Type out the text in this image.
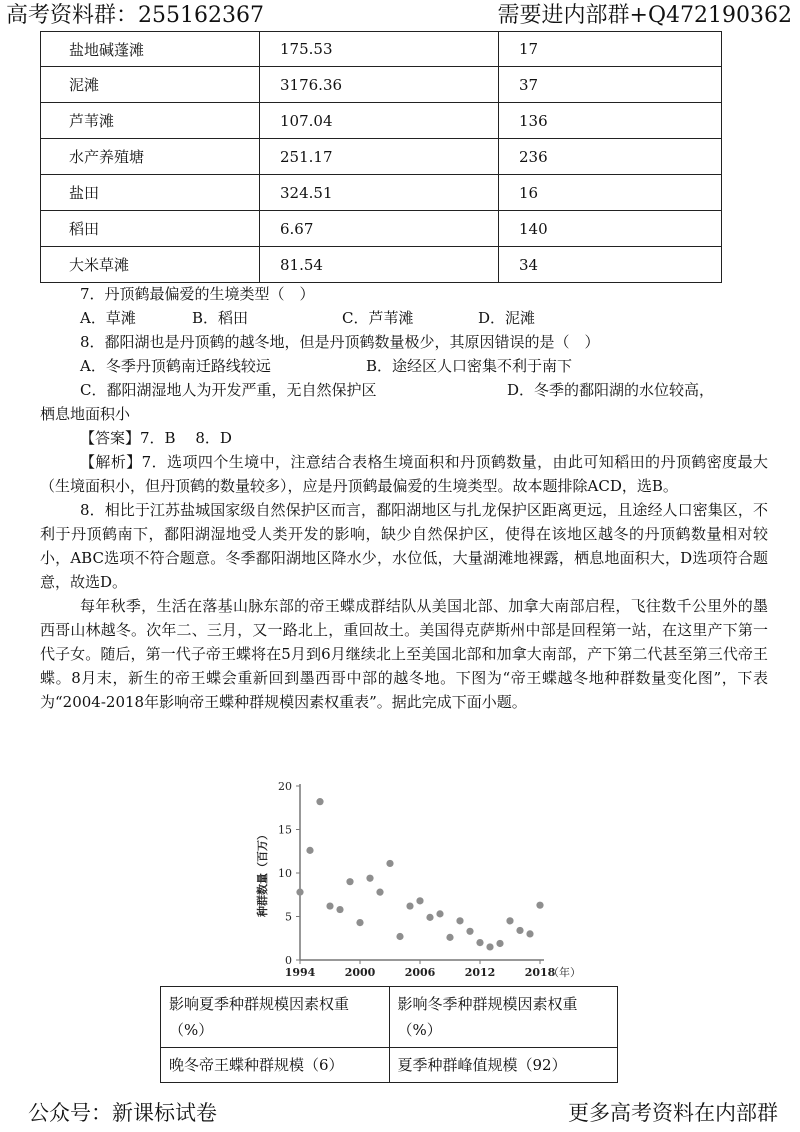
高考资料群：255162367	需要进内部群+Q472190362
盐地碱蓬滩	175.53	17
泥滩	3176.36	37
芦苇滩	107.04	136
水产养殖塘	251.17	236
盐田	324.51	16
稻田	6.67	140
大米草滩	81.54	34
7．丹顶鹤最偏爱的生境类型（　）
A．草滩	B．稻田	C．芦苇滩	D．泥滩
8．鄱阳湖也是丹顶鹤的越冬地，但是丹顶鹤数量极少，其原因错误的是（　）
A．冬季丹顶鹤南迁路线较远	B．途经区人口密集不利于南下
C．鄱阳湖湿地人为开发严重，无自然保护区	D．冬季的鄱阳湖的水位较高，
栖息地面积小
【答案】7．B　 8．D
【解析】7．选项四个生境中，注意结合表格生境面积和丹顶鹤数量，由此可知稻田的丹顶鹤密度最大（生境面积小，但丹顶鹤的数量较多），应是丹顶鹤最偏爱的生境类型。故本题排除ACD，选B。
8．相比于江苏盐城国家级自然保护区而言，鄱阳湖地区与扎龙保护区距离更远，且途经人口密集区，不利于丹顶鹤南下，鄱阳湖湿地受人类开发的影响，缺少自然保护区，使得在该地区越冬的丹顶鹤数量相对较小，ABC选项不符合题意。冬季鄱阳湖地区降水少，水位低，大量湖滩地裸露，栖息地面积大，D选项符合题意，故选D。
每年秋季，生活在落基山脉东部的帝王蝶成群结队从美国北部、加拿大南部启程，飞往数千公里外的墨西哥山林越冬。次年二、三月，又一路北上，重回故土。美国得克萨斯州中部是回程第一站，在这里产下第一代子女。随后，第一代子帝王蝶将在5月到6月继续北上至美国北部和加拿大南部，产下第二代甚至第三代帝王蝶。8月末，新生的帝王蝶会重新回到墨西哥中部的越冬地。下图为“帝王蝶越冬地种群数量变化图”，下表为“2004-2018年影响帝王蝶种群规模因素权重表”。据此完成下面小题。
0
5
10
15
20
1994	2000	2006	2012	2018
（年）
种群数量（百万）
影响夏季种群规模因素权重（%）	影响冬季种群规模因素权重（%）
晚冬帝王蝶种群规模（6）	夏季种群峰值规模（92）
公众号：新课标试卷	更多高考资料在内部群
